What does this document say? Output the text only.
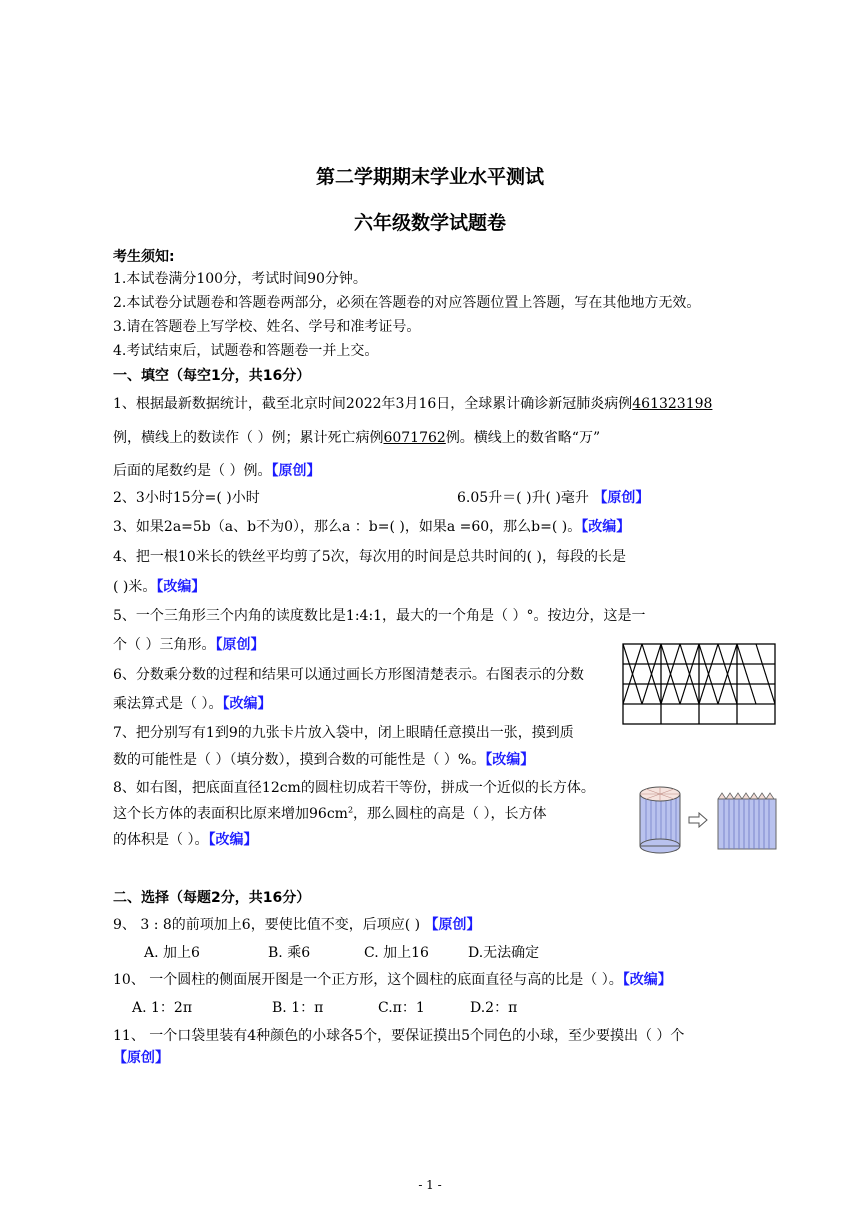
第二学期期末学业水平测试
六年级数学试题卷
考生须知:
1.本试卷满分100分，考试时间90分钟。
2.本试卷分试题卷和答题卷两部分，必须在答题卷的对应答题位置上答题，写在其他地方无效。
3.请在答题卷上写学校、姓名、学号和准考证号。
4.考试结束后，试题卷和答题卷一并上交。
一、填空（每空1分，共16分）
1、根据最新数据统计，截至北京时间2022年3月16日，全球累计确诊新冠肺炎病例461323198
例，横线上的数读作（ ）例；累计死亡病例6071762例。横线上的数省略“万”
后面的尾数约是（ ）例。【原创】
2、3小时15分=( )小时	6.05升＝( )升( )毫升 【原创】
3、如果2a=5b（a、b不为0），那么a ：b=( )，如果a =60，那么b=( )。【改编】
4、把一根10米长的铁丝平均剪了5次，每次用的时间是总共时间的( )，每段的长是
( )米。【改编】
5、一个三角形三个内角的读度数比是1:4:1，最大的一个角是（ ）°。按边分，这是一
个（ ）三角形。【原创】
6、分数乘分数的过程和结果可以通过画长方形图清楚表示。右图表示的分数
乘法算式是（ ）。【改编】
7、把分别写有1到9的九张卡片放入袋中，闭上眼睛任意摸出一张，摸到质
数的可能性是（ ）（填分数），摸到合数的可能性是（ ）%。【改编】
8、如右图，把底面直径12cm的圆柱切成若干等份，拼成一个近似的长方体。
这个长方体的表面积比原来增加$96cm^2$，那么圆柱的高是（ ），长方体
的体积是（ ）。【改编】
二、选择（每题2分，共16分）
9、 3 : 8的前项加上6，要使比值不变，后项应( ) 【原创】
A. 加上6	B. 乘6	C. 加上16	D.无法确定
10、 一个圆柱的侧面展开图是一个正方形，这个圆柱的底面直径与高的比是（ ）。【改编】
A. 1：2π	B. 1：π	C.π：1	D.2：π
11、 一个口袋里装有4种颜色的小球各5个，要保证摸出5个同色的小球，至少要摸出（ ）个
【原创】
- 1 -
